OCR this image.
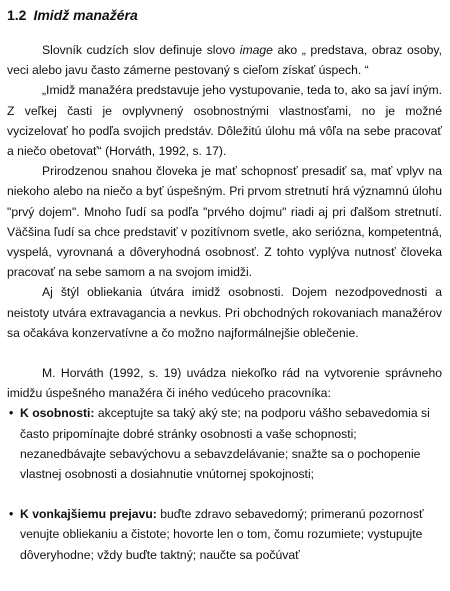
1.2 Imidž manažéra

Slovník cudzích slov definuje slovo image ako „ predstava, obraz osoby, veci alebo javu často zámerne pestovaný s cieľom získať úspech. “

„Imidž manažéra predstavuje jeho vystupovanie, teda to, ako sa javí iným. Z veľkej časti je ovplyvnený osobnostnými vlastnosťami, no je možné vycizelovať ho podľa svojich predstáv. Dôležitú úlohu má vôľa na sebe pracovať a niečo obetovať“ (Horváth, 1992, s. 17).

Prirodzenou snahou človeka je mať schopnosť presadiť sa, mať vplyv na niekoho alebo na niečo a byť úspešným. Pri prvom stretnutí hrá významnú úlohu "prvý dojem". Mnoho ľudí sa podľa "prvého dojmu" riadi aj pri ďalšom stretnutí. Väčšina ľudí sa chce predstaviť v pozitívnom svetle, ako seriózna, kompetentná, vyspelá, vyrovnaná a dôveryhodná osobnosť. Z tohto vyplýva nutnosť človeka pracovať na sebe samom a na svojom imidži.

Aj štýl obliekania útvára imidž osobnosti. Dojem nezodpovednosti a neistoty utvára extravagancia a nevkus. Pri obchodných rokovaniach manažérov sa očakáva konzervatívne a čo možno najformálnejšie oblečenie.

M. Horváth (1992, s. 19) uvádza niekoľko rád na vytvorenie správneho imidžu úspešného manažéra či iného vedúceho pracovníka:

• K osobnosti: akceptujte sa taký aký ste; na podporu vášho sebavedomia si často pripomínajte dobré stránky osobnosti a vaše schopnosti; nezanedbávajte sebavýchovu a sebavzdelávanie; snažte sa o pochopenie vlastnej osobnosti a dosiahnutie vnútornej spokojnosti;
• K vonkajšiemu prejavu: buďte zdravo sebavedomý; primeranú pozornosť venujte obliekaniu a čistote; hovorte len o tom, čomu rozumiete; vystupujte dôveryhodne; vždy buďte taktný; naučte sa počúvať
